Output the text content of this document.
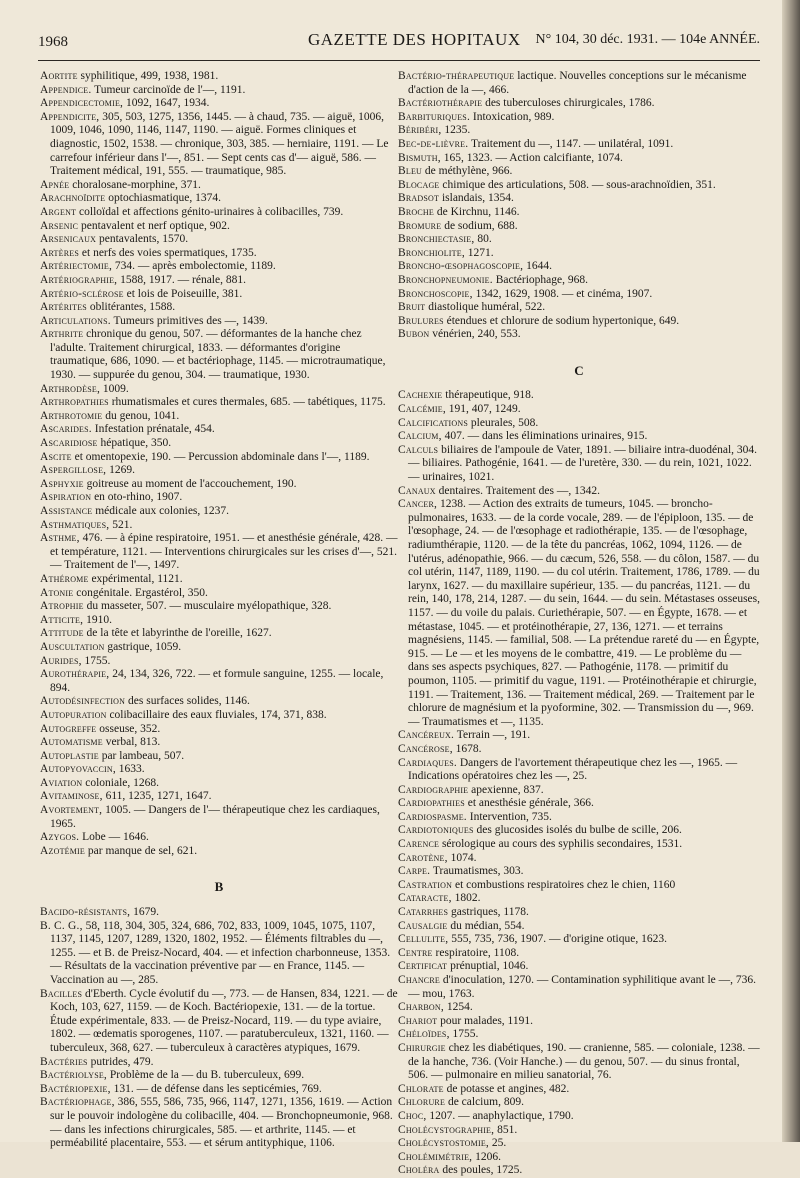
1968	GAZETTE DES HOPITAUX N° 104, 30 déc. 1931. — 104e ANNÉE.

Aortite syphilitique, 499, 1938, 1981.

Appendice. Tumeur carcinoïde de l'—, 1191.

Appendicectomie, 1092, 1647, 1934.

Appendicite, 305, 503, 1275, 1356, 1445. — à chaud, 735. — aiguë, 1006, 1009, 1046, 1090, 1146, 1147, 1190. — aiguë. Formes cliniques et diagnostic, 1502, 1538. — chronique, 303, 385. — herniaire, 1191. — Le carrefour inférieur dans l'—, 851. — Sept cents cas d'— aiguë, 586. — Traitement médical, 191, 555. — traumatique, 985.

Apnée choralosane-morphine, 371.

Arachnoïdite optochiasmatique, 1374.

Argent colloïdal et affections génito-urinaires à colibacilles, 739.

Arsenic pentavalent et nerf optique, 902.

Arsenicaux pentavalents, 1570.

Artères et nerfs des voies spermatiques, 1735.

Artériectomie, 734. — après embolectomie, 1189.

Artériographie, 1588, 1917. — rénale, 881.

Artério-sclérose et lois de Poiseuille, 381.

Artérites oblitérantes, 1588.

Articulations. Tumeurs primitives des —, 1439.

Arthrite chronique du genou, 507. — déformantes de la hanche chez l'adulte. Traitement chirurgical, 1833. — déformantes d'origine traumatique, 686, 1090. — et bactériophage, 1145. — microtraumatique, 1930. — suppurée du genou, 304. — traumatique, 1930.

Arthrodèse, 1009.

Arthropathies rhumatismales et cures thermales, 685. — tabétiques, 1175.

Arthrotomie du genou, 1041.

Ascarides. Infestation prénatale, 454.

Ascaridiose hépatique, 350.

Ascite et omentopexie, 190. — Percussion abdominale dans l'—, 1189.

Aspergillose, 1269.

Asphyxie goitreuse au moment de l'accouchement, 190.

Aspiration en oto-rhino, 1907.

Assistance médicale aux colonies, 1237.

Asthmatiques, 521.

Asthme, 476. — à épine respiratoire, 1951. — et anesthésie générale, 428. — et température, 1121. — Interventions chirurgicales sur les crises d'—, 521. — Traitement de l'—, 1497.

Athérome expérimental, 1121.

Atonie congénitale. Ergastérol, 350.

Atrophie du masseter, 507. — musculaire myélopathique, 328.

Atticite, 1910.

Attitude de la tête et labyrinthe de l'oreille, 1627.

Auscultation gastrique, 1059.

Aurides, 1755.

Aurothérapie, 24, 134, 326, 722. — et formule sanguine, 1255. — locale, 894.

Autodésinfection des surfaces solides, 1146.

Autopuration colibacillaire des eaux fluviales, 174, 371, 838.

Autogreffe osseuse, 352.

Automatisme verbal, 813.

Autoplastie par lambeau, 507.

Autopyovaccin, 1633.

Aviation coloniale, 1268.

Avitaminose, 611, 1235, 1271, 1647.

Avortement, 1005. — Dangers de l'— thérapeutique chez les cardiaques, 1965.

Azygos. Lobe — 1646.

Azotémie par manque de sel, 621.

B

Bacido-résistants, 1679.

B. C. G., 58, 118, 304, 305, 324, 686, 702, 833, 1009, 1045, 1075, 1107, 1137, 1145, 1207, 1289, 1320, 1802, 1952. — Éléments filtrables du —, 1255. — et B. de Preisz-Nocard, 404. — et infection charbonneuse, 1353. — Résultats de la vaccination préventive par — en France, 1145. — Vaccination au —, 285.

Bacilles d'Eberth. Cycle évolutif du —, 773. — de Hansen, 834, 1221. — de Koch, 103, 627, 1159. — de Koch. Bactériopexie, 131. — de la tortue. Étude expérimentale, 833. — de Preisz-Nocard, 119. — du type aviaire, 1802. — œdematis sporogenes, 1107. — paratuberculeux, 1321, 1160. — tuberculeux, 368, 627. — tuberculeux à caractères atypiques, 1679.

Bactéries putrides, 479.

Bactériolyse, Problème de la — du B. tuberculeux, 699.

Bactériopexie, 131. — de défense dans les septicémies, 769.

Bactériophage, 386, 555, 586, 735, 966, 1147, 1271, 1356, 1619. — Action sur le pouvoir indologène du colibacille, 404. — Bronchopneumonie, 968. — dans les infections chirurgicales, 585. — et arthrite, 1145. — et perméabilité placentaire, 553. — et sérum antityphique, 1106.

Bactério-thérapeutique lactique. Nouvelles conceptions sur le mécanisme d'action de la —, 466.

Bactériothérapie des tuberculoses chirurgicales, 1786.

Barbituriques. Intoxication, 989.

Béribéri, 1235.

Bec-de-lièvre. Traitement du —, 1147. — unilatéral, 1091.

Bismuth, 165, 1323. — Action calcifiante, 1074.

Bleu de méthylène, 966.

Blocage chimique des articulations, 508. — sous-arachnoïdien, 351.

Bradsot islandais, 1354.

Broche de Kirchnu, 1146.

Bromure de sodium, 688.

Bronchiectasie, 80.

Bronchiolite, 1271.

Broncho-œsophagoscopie, 1644.

Bronchopneumonie. Bactériophage, 968.

Bronchoscopie, 1342, 1629, 1908. — et cinéma, 1907.

Bruit diastolique huméral, 522.

Brulures étendues et chlorure de sodium hypertonique, 649.

Bubon vénérien, 240, 553.

C

Cachexie thérapeutique, 918.

Calcémie, 191, 407, 1249.

Calcifications pleurales, 508.

Calcium, 407. — dans les éliminations urinaires, 915.

Calculs biliaires de l'ampoule de Vater, 1891. — biliaire intra-duodénal, 304. — biliaires. Pathogénie, 1641. — de l'uretère, 330. — du rein, 1021, 1022. — urinaires, 1021.

Canaux dentaires. Traitement des —, 1342.

Cancer, 1238. — Action des extraits de tumeurs, 1045. — broncho-pulmonaires, 1633. — de la corde vocale, 289. — de l'épiploon, 135. — de l'œsophage, 24. — de l'œsophage et radiothérapie, 135. — de l'œsophage, radiumthérapie, 1120. — de la tête du pancréas, 1062, 1094, 1126. — de l'utérus, adénopathie, 966. — du cæcum, 526, 558. — du côlon, 1587. — du col utérin, 1147, 1189, 1190. — du col utérin. Traitement, 1786, 1789. — du larynx, 1627. — du maxillaire supérieur, 135. — du pancréas, 1121. — du rein, 140, 178, 214, 1287. — du sein, 1644. — du sein. Métastases osseuses, 1157. — du voile du palais. Curiethérapie, 507. — en Égypte, 1678. — et métastase, 1045. — et protéinothérapie, 27, 136, 1271. — et terrains magnésiens, 1145. — familial, 508. — La prétendue rareté du — en Égypte, 915. — Le — et les moyens de le combattre, 419. — Le problème du — dans ses aspects psychiques, 827. — Pathogénie, 1178. — primitif du poumon, 1105. — primitif du vague, 1191. — Protéinothérapie et chirurgie, 1191. — Traitement, 136. — Traitement médical, 269. — Traitement par le chlorure de magnésium et la pyoformine, 302. — Transmission du —, 969. — Traumatismes et —, 1135.

Cancéreux. Terrain —, 191.

Cancérose, 1678.

Cardiaques. Dangers de l'avortement thérapeutique chez les —, 1965. — Indications opératoires chez les —, 25.

Cardiographie apexienne, 837.

Cardiopathies et anesthésie générale, 366.

Cardiospasme. Intervention, 735.

Cardiotoniques des glucosides isolés du bulbe de scille, 206.

Carence sérologique au cours des syphilis secondaires, 1531.

Carotène, 1074.

Carpe. Traumatismes, 303.

Castration et combustions respiratoires chez le chien, 1160

Cataracte, 1802.

Catarrhes gastriques, 1178.

Causalgie du médian, 554.

Cellulite, 555, 735, 736, 1907. — d'origine otique, 1623.

Centre respiratoire, 1108.

Certificat prénuptial, 1046.

Chancre d'inoculation, 1270. — Contamination syphilitique avant le —, 736. — mou, 1763.

Charbon, 1254.

Chariot pour malades, 1191.

Chéloïdes, 1755.

Chirurgie chez les diabétiques, 190. — cranienne, 585. — coloniale, 1238. — de la hanche, 736. (Voir Hanche.) — du genou, 507. — du sinus frontal, 506. — pulmonaire en milieu sanatorial, 76.

Chlorate de potasse et angines, 482.

Chlorure de calcium, 809.

Choc, 1207. — anaphylactique, 1790.

Cholécystographie, 851.

Cholécystostomie, 25.

Cholémimétrie, 1206.

Choléra des poules, 1725.
